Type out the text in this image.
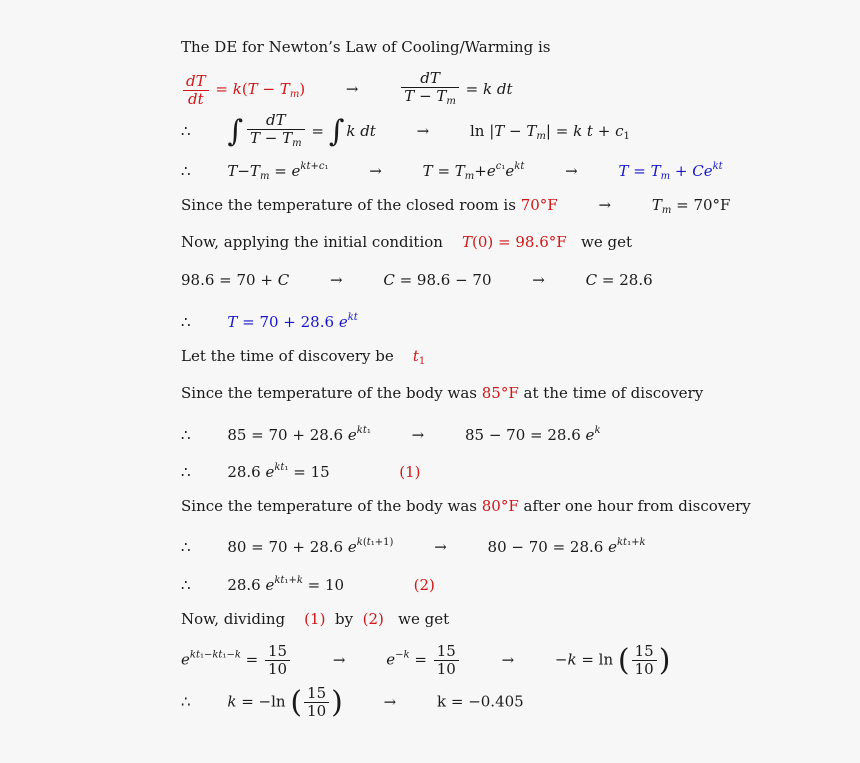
The DE for Newton’s Law of Cooling/Warming is
$\frac{dT}{dt} = k(T - T_m)$ →	$\frac{dT}{T - T_m} = k$ dt
∴ ∫ $\frac{dT}{T - T_m}$ = ∫ k dt	→ $\ln |T - T_m| = k$ $t + c_1$
∴ $T-T_m = e^{kt+c_1}$	→	$T = T_m+e^{c_1}e^{kt}$	→	$T = T_m + Ce^{kt}$
Since the temperature of the closed room is 70°F	→	$T_m = 70^\circ F$
Now, applying the initial condition T(0) = 98.6°F we get
98.6 = 70 + C	→	C = 98.6 − 70 →	C = 28.6
∴ T = 70 + 28.6 $e^{kt}$
Let the time of discovery be $t_1$
Since the temperature of the body was 85°F at the time of discovery
∴ 85 = 70 + 28.6 $e^{kt_1}$	→ 85 − 70 = 28.6 $e^k$
∴ 28.6 $e^{kt_1} = 15$	(1)
Since the temperature of the body was 80°F after one hour from discovery
∴ 80 = 70 + 28.6 $e^{k(t_1+1)}$	→ 80 − 70 = 28.6 $e^{kt_1+k}$
∴ 28.6 $e^{kt_1+k} = 10$	(2)
Now, dividing (1) by (2) we get
$e^{kt_1-kt_1-k} = \frac{15}{10}$	→	$e^{-k} = \frac{15}{10}$	→ −k = ln ( $\frac{15}{10}$ )
∴ k = −ln ( $\frac{15}{10}$ )	→	k = −0.405
